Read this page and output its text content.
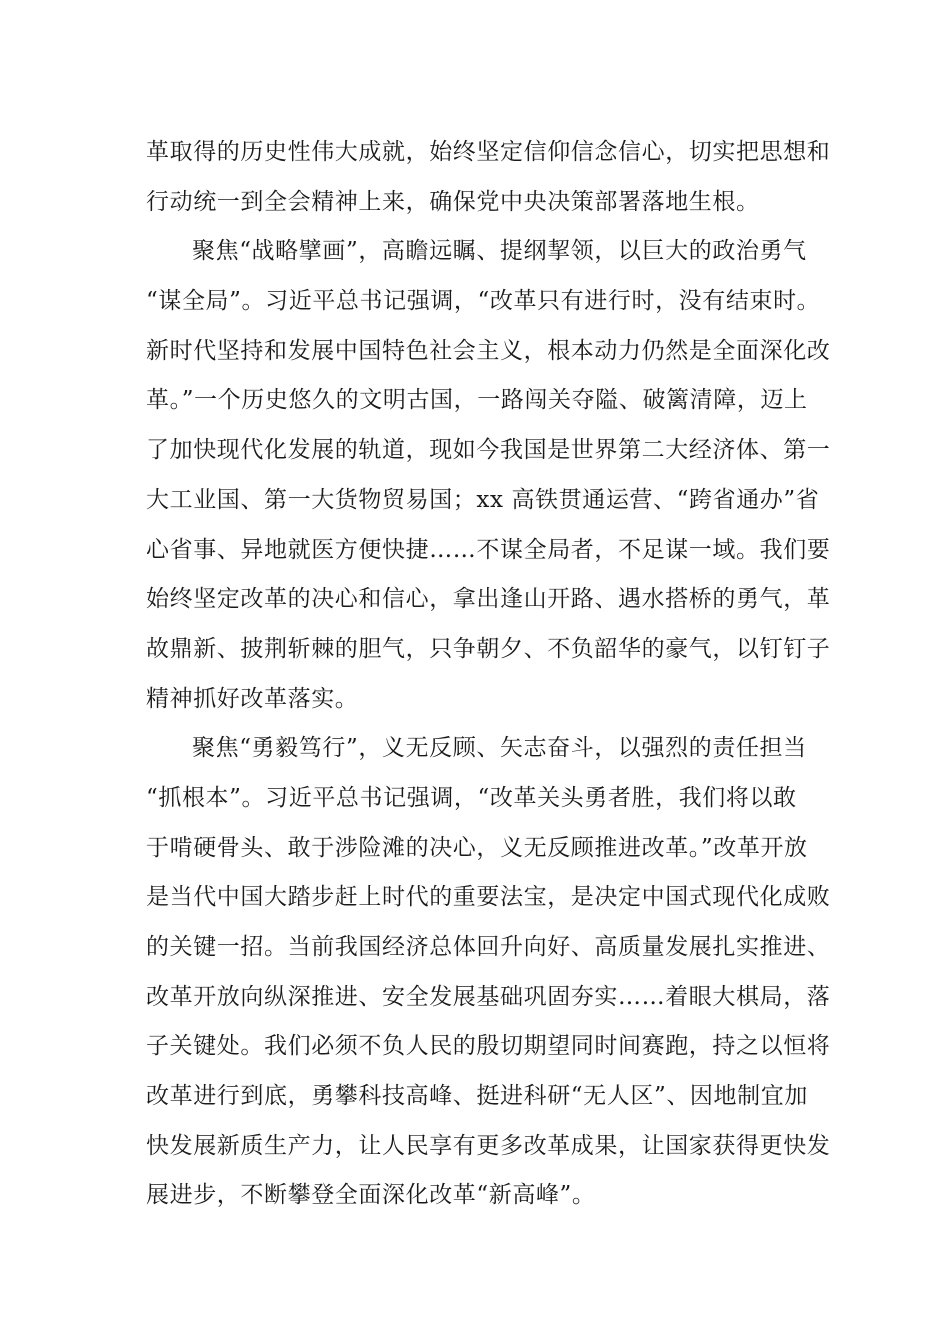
革取得的历史性伟大成就，始终坚定信仰信念信心，切实把思想和
行动统一到全会精神上来，确保党中央决策部署落地生根。
聚焦“战略擘画”，高瞻远瞩、提纲挈领，以巨大的政治勇气
“谋全局”。习近平总书记强调，“改革只有进行时，没有结束时。
新时代坚持和发展中国特色社会主义，根本动力仍然是全面深化改
革。”一个历史悠久的文明古国，一路闯关夺隘、破篱清障，迈上
了加快现代化发展的轨道，现如今我国是世界第二大经济体、第一
大工业国、第一大货物贸易国；xx 高铁贯通运营、“跨省通办”省
心省事、异地就医方便快捷……不谋全局者，不足谋一域。我们要
始终坚定改革的决心和信心，拿出逢山开路、遇水搭桥的勇气，革
故鼎新、披荆斩棘的胆气，只争朝夕、不负韶华的豪气，以钉钉子
精神抓好改革落实。
聚焦“勇毅笃行”，义无反顾、矢志奋斗，以强烈的责任担当
“抓根本”。习近平总书记强调，“改革关头勇者胜，我们将以敢
于啃硬骨头、敢于涉险滩的决心，义无反顾推进改革。”改革开放
是当代中国大踏步赶上时代的重要法宝，是决定中国式现代化成败
的关键一招。当前我国经济总体回升向好、高质量发展扎实推进、
改革开放向纵深推进、安全发展基础巩固夯实……着眼大棋局，落
子关键处。我们必须不负人民的殷切期望同时间赛跑，持之以恒将
改革进行到底，勇攀科技高峰、挺进科研“无人区”、因地制宜加
快发展新质生产力，让人民享有更多改革成果，让国家获得更快发
展进步，不断攀登全面深化改革“新高峰”。
